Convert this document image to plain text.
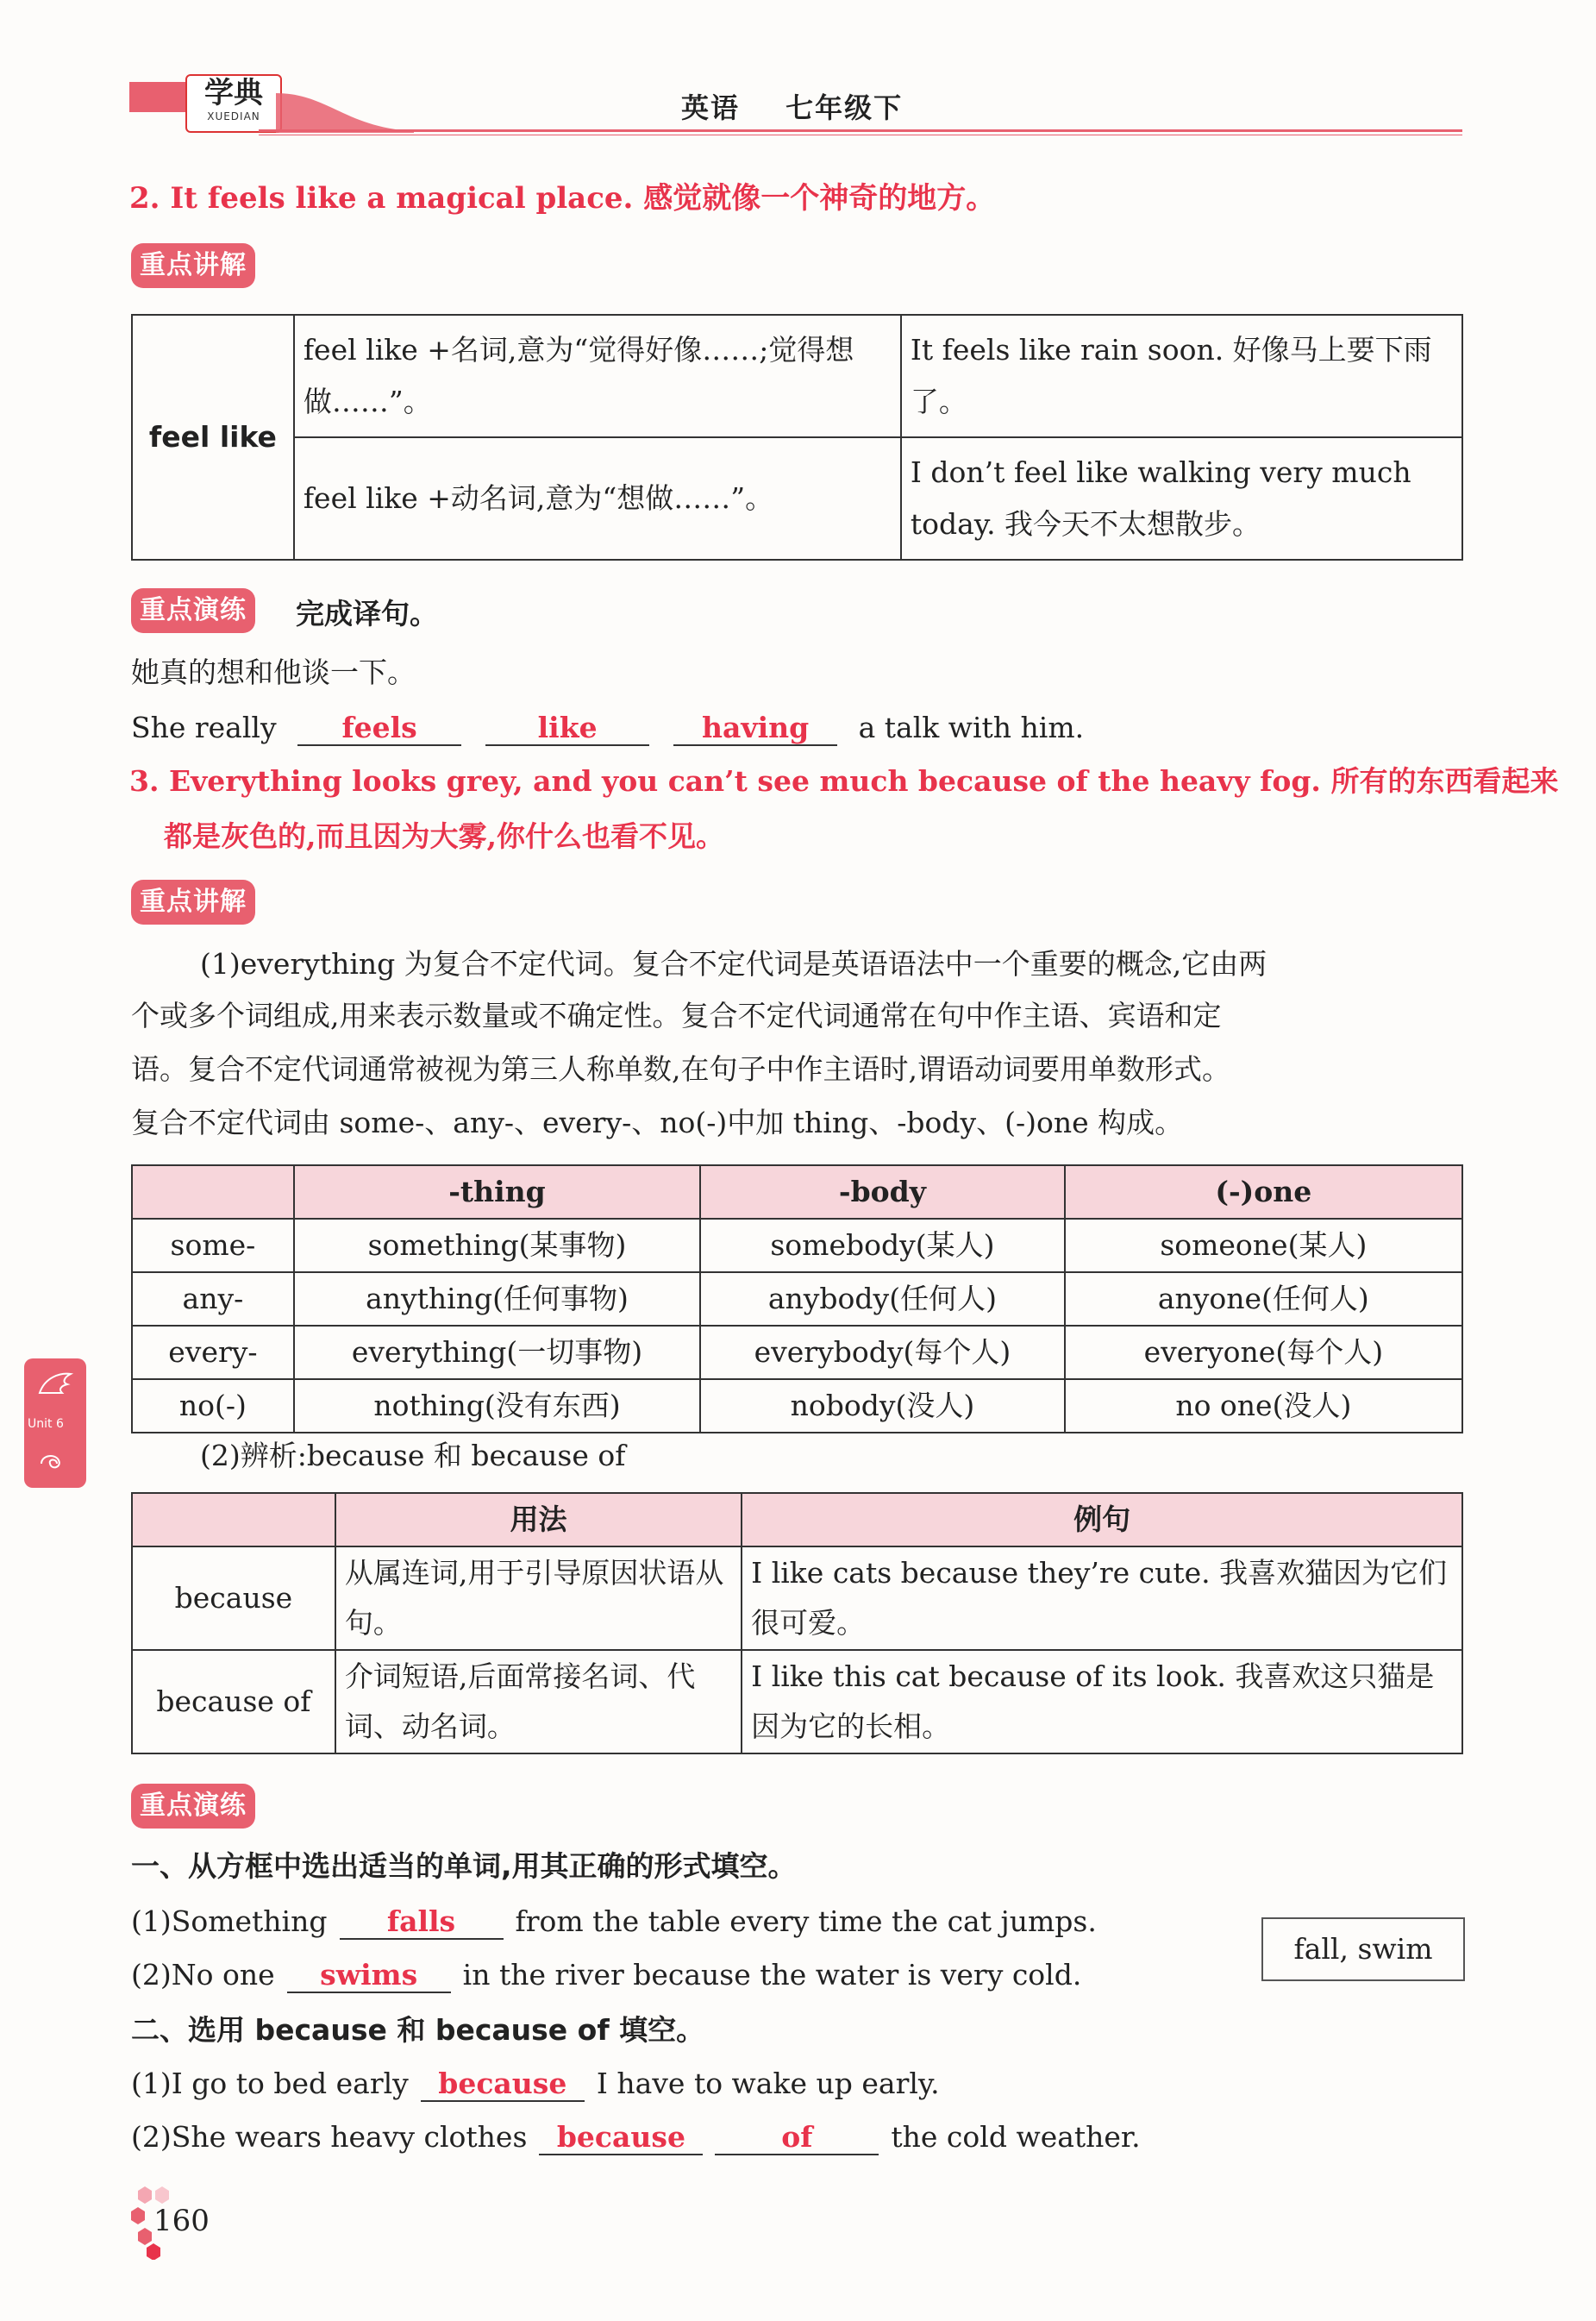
学典
XUEDIAN	英语 七年级下
2. It feels like a magical place. 感觉就像一个神奇的地方。
重点讲解
feel like	feel like +名词,意为“觉得好像……;觉得想做……”。	It feels like rain soon. 好像马上要下雨了。
	feel like +动名词,意为“想做……”。	I don’t feel like walking very much today. 我今天不太想散步。
重点演练	完成译句。
她真的想和他谈一下。
She really feels	like	having a talk with him.
3. Everything looks grey, and you can’t see much because of the heavy fog. 所有的东西看起来
都是灰色的,而且因为大雾,你什么也看不见。
重点讲解
(1)everything 为复合不定代词。复合不定代词是英语语法中一个重要的概念,它由两
个或多个词组成,用来表示数量或不确定性。复合不定代词通常在句中作主语、宾语和定
语。复合不定代词通常被视为第三人称单数,在句子中作主语时,谓语动词要用单数形式。
复合不定代词由 some-、any-、every-、no(-)中加 thing、-body、(-)one 构成。
	-thing	-body	(-)one
some-	something(某事物)	somebody(某人)	someone(某人)
any-	anything(任何事物)	anybody(任何人)	anyone(任何人)
every-	everything(一切事物)	everybody(每个人)	everyone(每个人)
no(-)	nothing(没有东西)	nobody(没人)	no one(没人)
(2)辨析:because 和 because of
	用法	例句
because	从属连词,用于引导原因状语从句。	I like cats because they’re cute. 我喜欢猫因为它们很可爱。
because of	介词短语,后面常接名词、代词、动名词。	I like this cat because of its look. 我喜欢这只猫是因为它的长相。
重点演练
一、从方框中选出适当的单词,用其正确的形式填空。
(1)Something falls from the table every time the cat jumps.
(2)No one swims in the river because the water is very cold.
fall, swim
二、选用 because 和 because of 填空。
(1)I go to bed early because I have to wake up early.
(2)She wears heavy clothes because	of	the cold weather.
Unit 6
160
